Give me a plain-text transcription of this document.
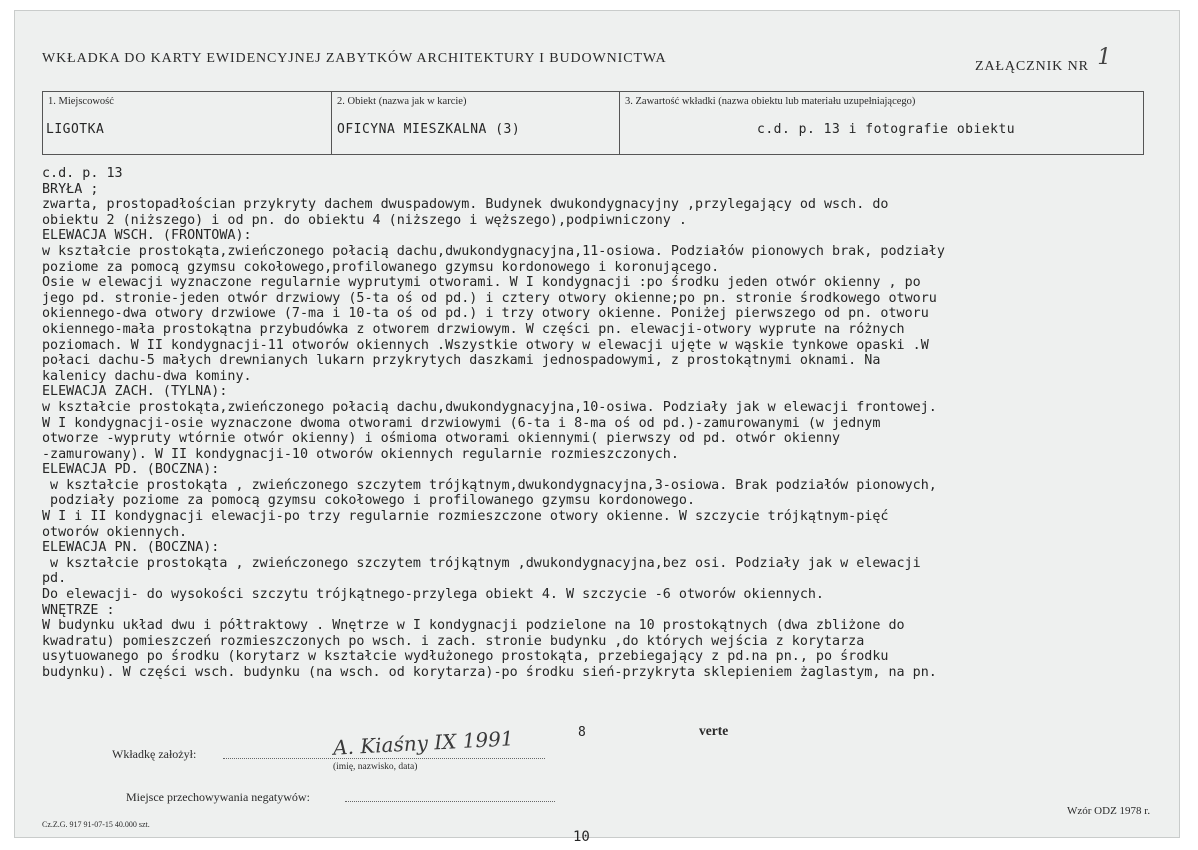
WKŁADKA DO KARTY EWIDENCYJNEJ ZABYTKÓW ARCHITEKTURY I BUDOWNICTWA
ZAŁĄCZNIK NR 1
1. Miejscowość
LIGOTKA
2. Obiekt (nazwa jak w karcie)
OFICYNA MIESZKALNA (3)
3. Zawartość wkładki (nazwa obiektu lub materiału uzupełniającego)
c.d. p. 13 i fotografie obiektu
c.d. p. 13
BRYŁA ;
zwarta, prostopadłościan przykryty dachem dwuspadowym. Budynek dwukondygnacyjny ,przylegający od wsch. do
obiektu 2 (niższego) i od pn. do obiektu 4 (niższego i węższego),podpiwniczony .
ELEWACJA WSCH. (FRONTOWA):
w kształcie prostokąta,zwieńczonego połacią dachu,dwukondygnacyjna,11-osiowa. Podziałów pionowych brak, podziały
poziome za pomocą gzymsu cokołowego,profilowanego gzymsu kordonowego i koronującego.
Osie w elewacji wyznaczone regularnie wyprutymi otworami. W I kondygnacji :po środku jeden otwór okienny , po
jego pd. stronie-jeden otwór drzwiowy (5-ta oś od pd.) i cztery otwory okienne;po pn. stronie środkowego otworu
okiennego-dwa otwory drzwiowe (7-ma i 10-ta oś od pd.) i trzy otwory okienne. Poniżej pierwszego od pn. otworu
okiennego-mała prostokątna przybudówka z otworem drzwiowym. W części pn. elewacji-otwory wyprute na różnych
poziomach. W II kondygnacji-11 otworów okiennych .Wszystkie otwory w elewacji ujęte w wąskie tynkowe opaski .W
połaci dachu-5 małych drewnianych lukarn przykrytych daszkami jednospadowymi, z prostokątnymi oknami. Na
kalenicy dachu-dwa kominy.
ELEWACJA ZACH. (TYLNA):
w kształcie prostokąta,zwieńczonego połacią dachu,dwukondygnacyjna,10-osiwa. Podziały jak w elewacji frontowej.
W I kondygnacji-osie wyznaczone dwoma otworami drzwiowymi (6-ta i 8-ma oś od pd.)-zamurowanymi (w jednym
otworze -wypruty wtórnie otwór okienny) i ośmioma otworami okiennymi( pierwszy od pd. otwór okienny
-zamurowany). W II kondygnacji-10 otworów okiennych regularnie rozmieszczonych.
ELEWACJA PD. (BOCZNA):
w kształcie prostokąta , zwieńczonego szczytem trójkątnym,dwukondygnacyjna,3-osiowa. Brak podziałów pionowych,
podziały poziome za pomocą gzymsu cokołowego i profilowanego gzymsu kordonowego.
W I i II kondygnacji elewacji-po trzy regularnie rozmieszczone otwory okienne. W szczycie trójkątnym-pięć
otworów okiennych.
ELEWACJA PN. (BOCZNA):
w kształcie prostokąta , zwieńczonego szczytem trójkątnym ,dwukondygnacyjna,bez osi. Podziały jak w elewacji
pd.
Do elewacji- do wysokości szczytu trójkątnego-przylega obiekt 4. W szczycie -6 otworów okiennych.
WNĘTRZE :
W budynku układ dwu i półtraktowy . Wnętrze w I kondygnacji podzielone na 10 prostokątnych (dwa zbliżone do
kwadratu) pomieszczeń rozmieszczonych po wsch. i zach. stronie budynku ,do których wejścia z korytarza
usytuowanego po środku (korytarz w kształcie wydłużonego prostokąta, przebiegający z pd.na pn., po środku
budynku). W części wsch. budynku (na wsch. od korytarza)-po środku sień-przykryta sklepieniem żaglastym, na pn.
8	verte
Wkładkę założył:	A. Kiaśny IX 1991
(imię, nazwisko, data)
Miejsce przechowywania negatywów:
Wzór ODZ 1978 r.
Cz.Z.G. 917 91-07-15 40.000 szt.
10
